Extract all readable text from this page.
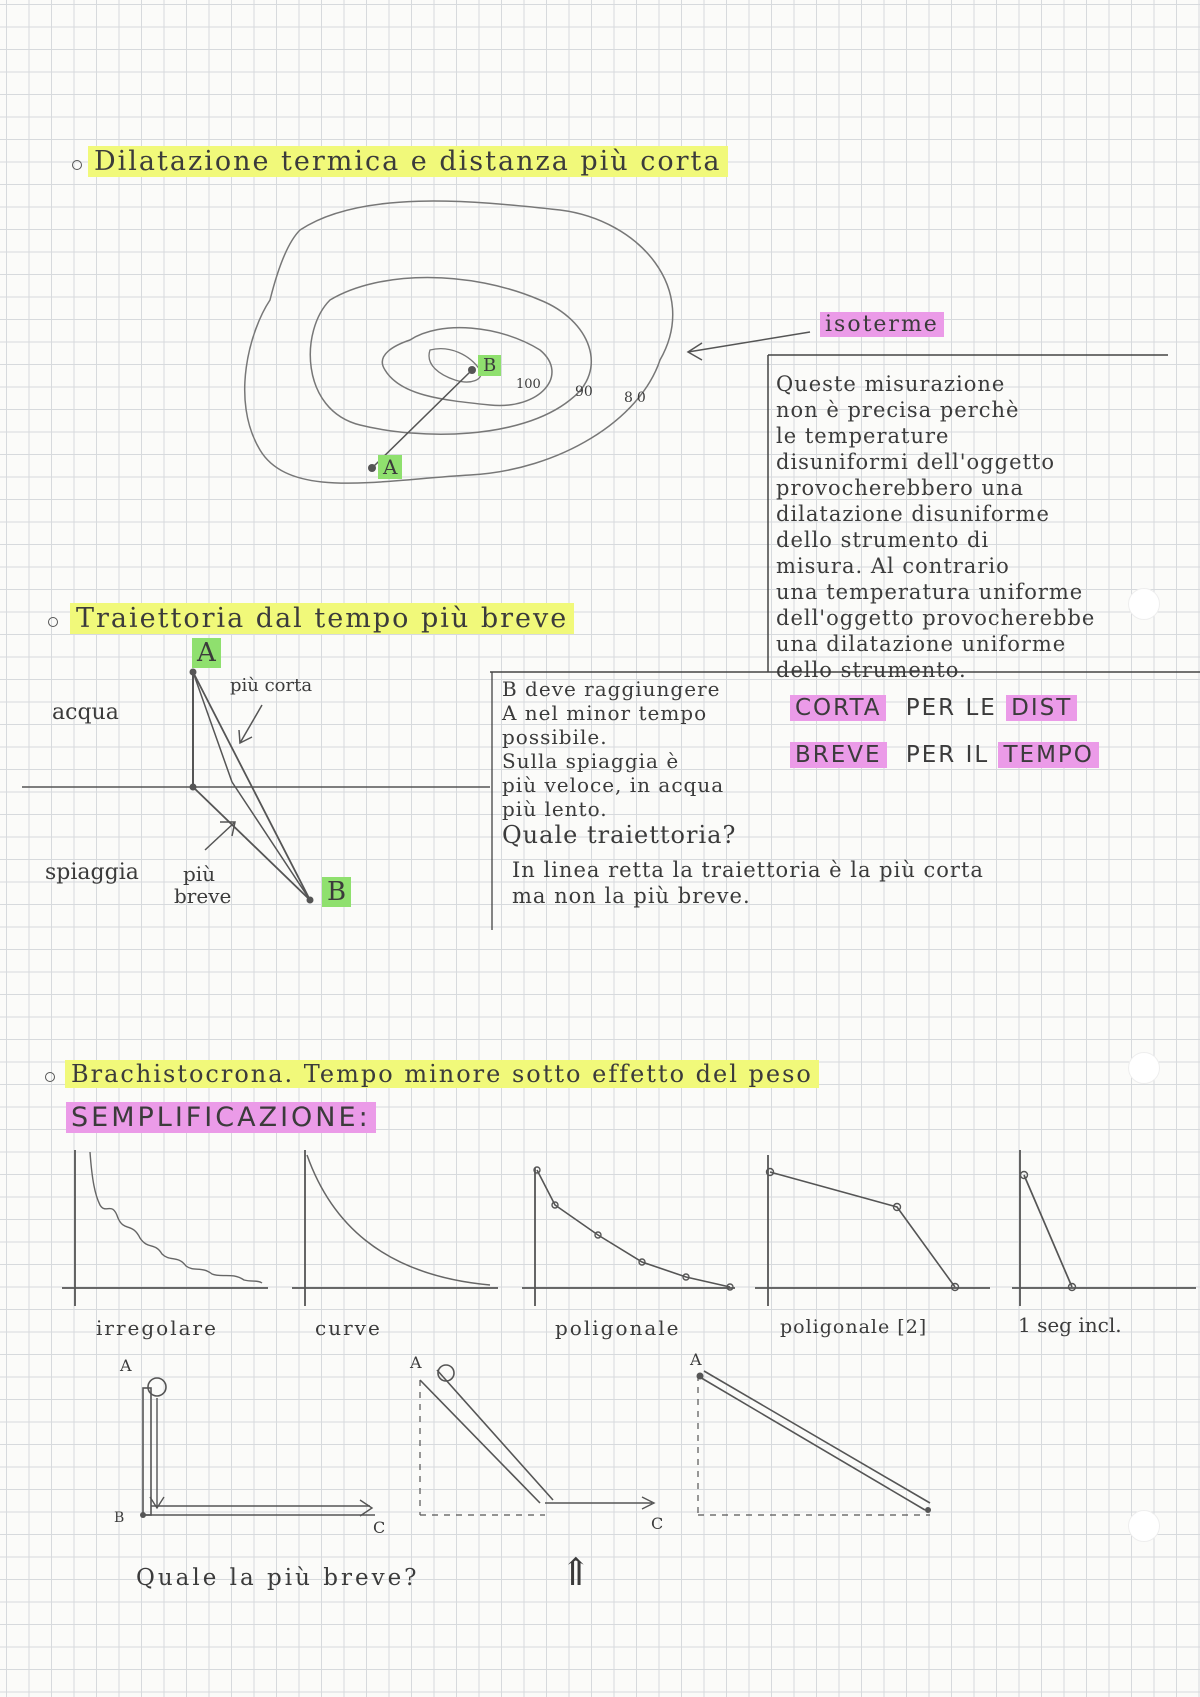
Dilatazione termica e distanza più corta
100 90 80
A
B
isoterme
Queste misurazione
non è precisa perchè
le temperature
disuniformi dell'oggetto
provocherebbero una
dilatazione disuniforme
dello strumento di
misura. Al contrario
una temperatura uniforme
dell'oggetto provocherebbe
una dilatazione uniforme
dello strumento.
Traiettoria dal tempo più breve
A
B
acqua
spiaggia
più corta
più
breve
B deve raggiungere
A nel minor tempo
possibile.
Sulla spiaggia è
più veloce, in acqua
più lento.
Quale traiettoria?
In linea retta la traiettoria è la più corta
ma non la più breve.
CORTA PER LE DIST
BREVE PER IL TEMPO
Brachistocrona. Tempo minore sotto effetto del peso
SEMPLIFICAZIONE:
irregolare	curve	poligonale	poligonale [2]	1 seg incl.
A
B	C
A
C
A
Quale la più breve?	⇑
